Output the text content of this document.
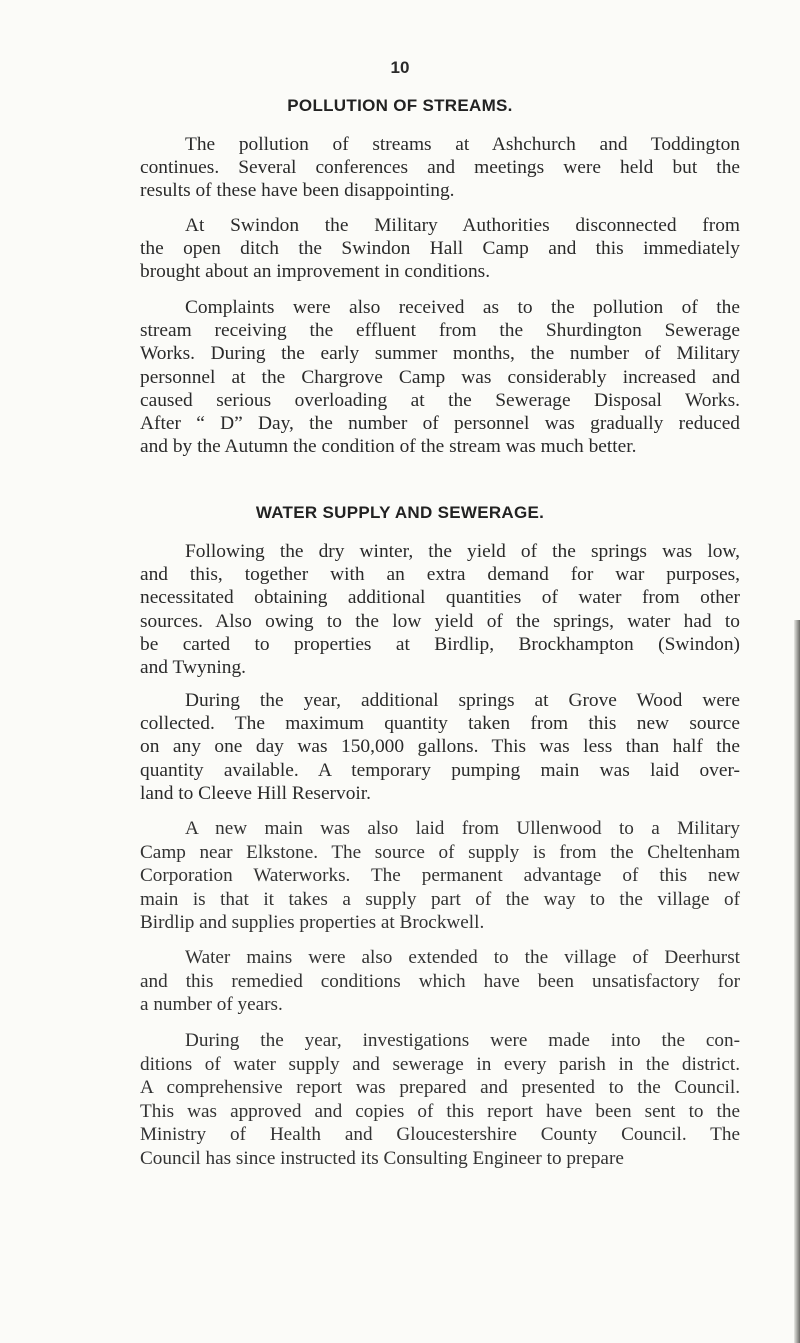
10
POLLUTION OF STREAMS.
The pollution of streams at Ashchurch and Toddington
continues. Several conferences and meetings were held but the
results of these have been disappointing.
At Swindon the Military Authorities disconnected from
the open ditch the Swindon Hall Camp and this immediately
brought about an improvement in conditions.
Complaints were also received as to the pollution of the
stream receiving the effluent from the Shurdington Sewerage
Works. During the early summer months, the number of Military
personnel at the Chargrove Camp was considerably increased and
caused serious overloading at the Sewerage Disposal Works.
After “ D” Day, the number of personnel was gradually reduced
and by the Autumn the condition of the stream was much better.
WATER SUPPLY AND SEWERAGE.
Following the dry winter, the yield of the springs was low,
and this, together with an extra demand for war purposes,
necessitated obtaining additional quantities of water from other
sources. Also owing to the low yield of the springs, water had to
be carted to properties at Birdlip, Brockhampton (Swindon)
and Twyning.
During the year, additional springs at Grove Wood were
collected. The maximum quantity taken from this new source
on any one day was 150,000 gallons. This was less than half the
quantity available. A temporary pumping main was laid over-
land to Cleeve Hill Reservoir.
A new main was also laid from Ullenwood to a Military
Camp near Elkstone. The source of supply is from the Cheltenham
Corporation Waterworks. The permanent advantage of this new
main is that it takes a supply part of the way to the village of
Birdlip and supplies properties at Brockwell.
Water mains were also extended to the village of Deerhurst
and this remedied conditions which have been unsatisfactory for
a number of years.
During the year, investigations were made into the con-
ditions of water supply and sewerage in every parish in the district.
A comprehensive report was prepared and presented to the Council.
This was approved and copies of this report have been sent to the
Ministry of Health and Gloucestershire County Council. The
Council has since instructed its Consulting Engineer to prepare
